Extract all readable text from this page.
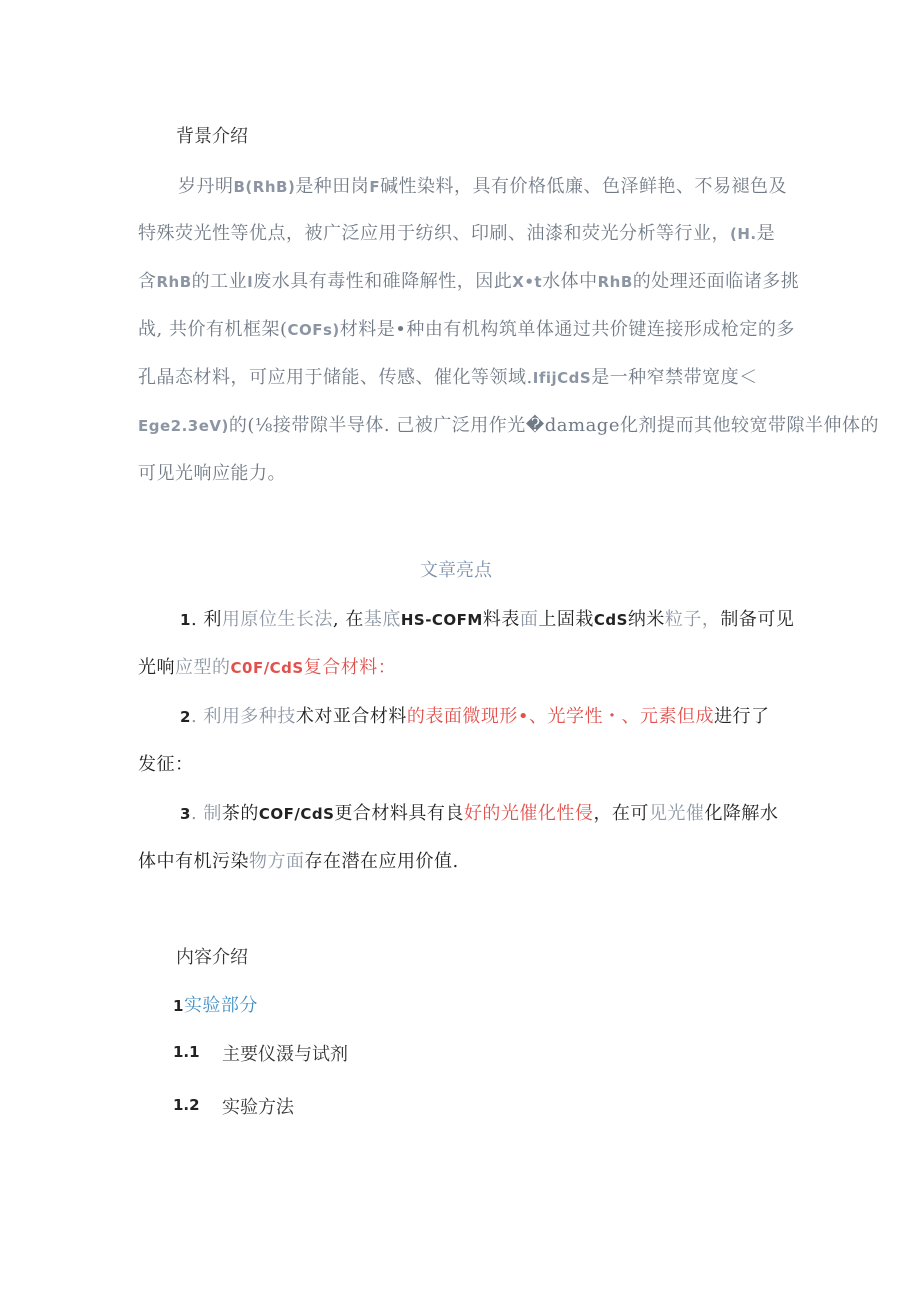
背景介绍
岁丹明B(RhB)是种田岗F碱性染料，具有价格低廉、色泽鲜艳、不易褪色及
特殊荧光性等优点，被广泛应用于纺织、印刷、油漆和荧光分析等行业，(H.是
含RhB的工业I废水具有毒性和碓降解性，因此X•t水体中RhB的处理还面临诸多挑
战, 共价有机框架(COFs)材料是•种由有机构筑单体通过共价键连接形成枪定的多
孔晶态材料，可应用于储能、传感、催化等领域.IfijCdS是一种窄禁带宽度＜
Ege2.3eV)的(⅛接带隙半导体. 己被广泛用作光�damage化剂提而其他较宽带隙半伸体的
可见光响应能力。
文章亮点
1. 利用原位生长法, 在基底HS-COFM料表面上固栽CdS纳米粒子，制备可见
光响应型的C0F/CdS复合材料：
2. 利用多种技术对亚合材料的表面微现形•、光学性・、元素但成进行了
发征：
3. 制茶的COF/CdS更合材料具有良好的光催化性侵，在可见光催化降解水
体中有机污染物方面存在潜在应用价值.
内容介绍
1实验部分
1.1 主要仪滠与试剂
1.2 实验方法
